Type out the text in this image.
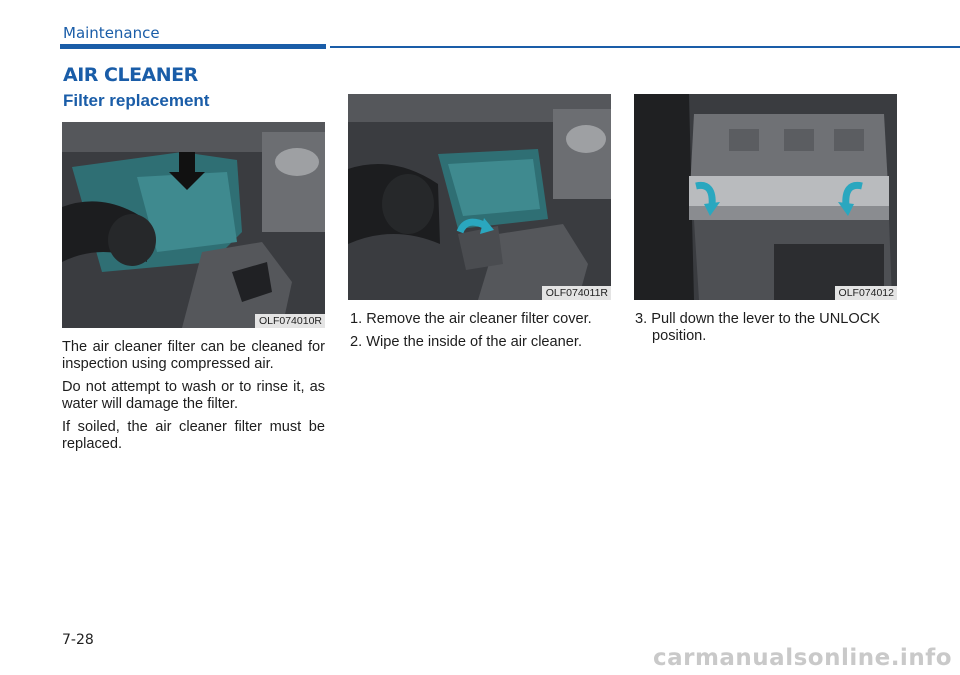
Maintenance
AIR CLEANER
Filter replacement
OLF074010R
OLF074011R	OLF074012

The air cleaner filter can be cleaned for inspection using compressed air.

Do not attempt to wash or to rinse it, as water will damage the filter.

If soiled, the air cleaner filter must be replaced.

1. Remove the air cleaner filter cover.

2. Wipe the inside of the air cleaner.

3. Pull down the lever to the UNLOCK position.

7-28
carmanualsonline.info
